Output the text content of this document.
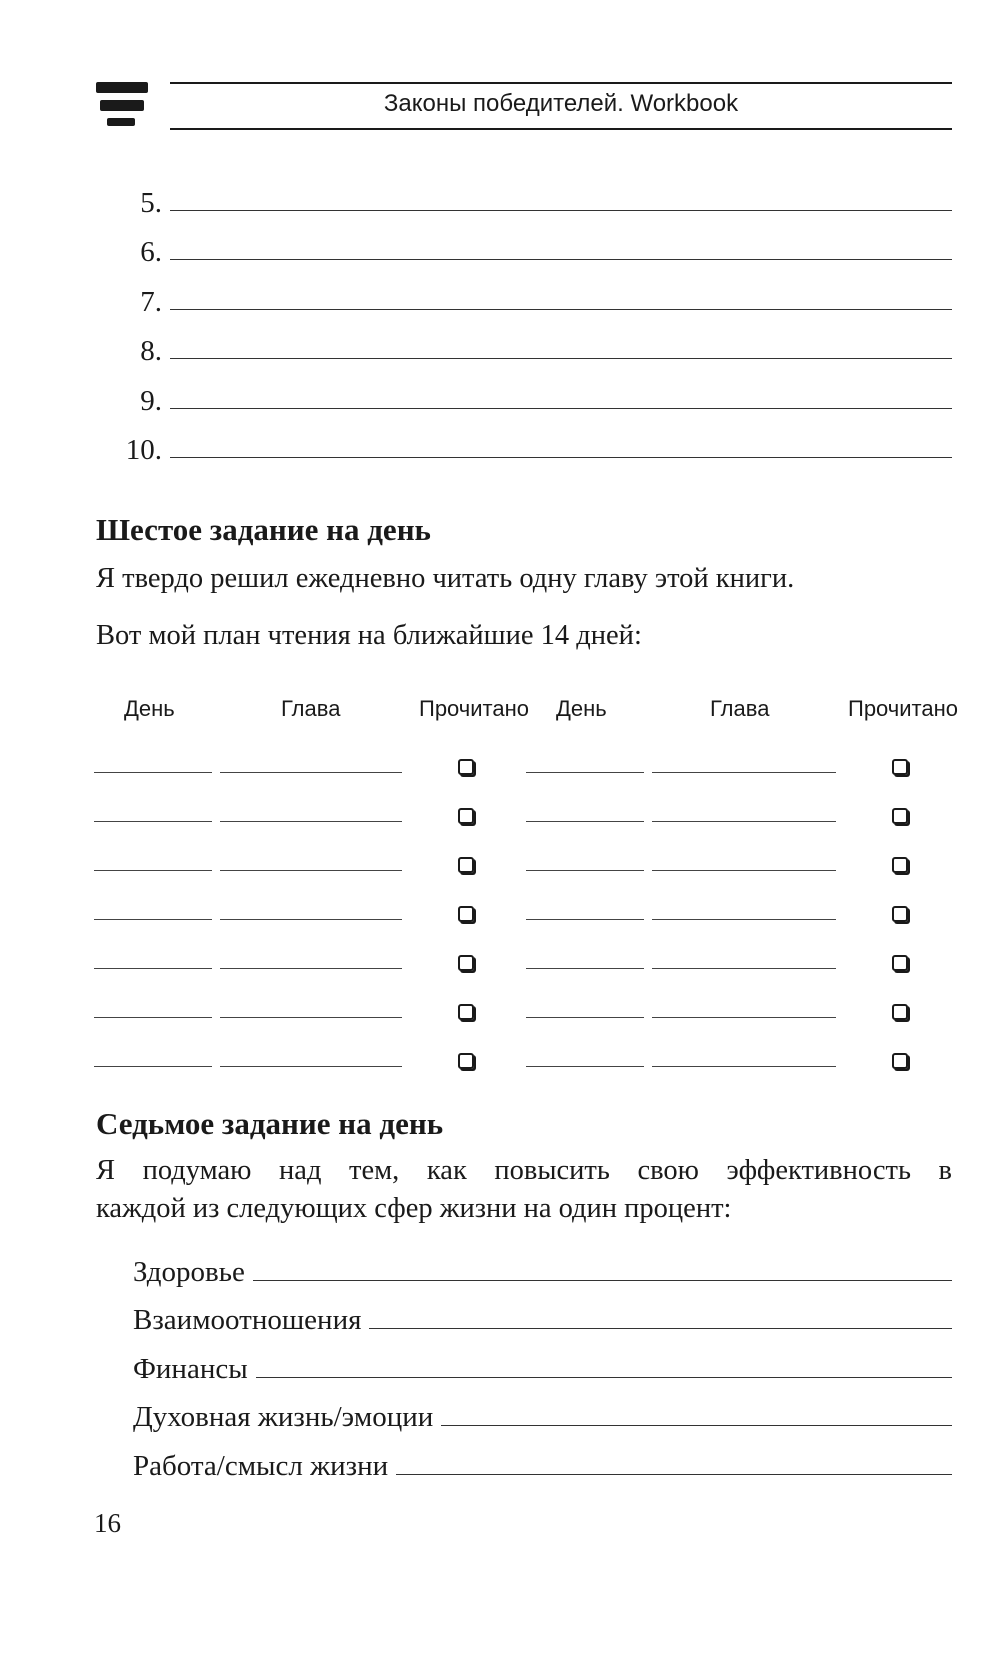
Законы победителей. Workbook
5.
6.
7.
8.
9.
10.
Шестое задание на день
Я твердо решил ежедневно читать одну главу этой книги.
Вот мой план чтения на ближайшие 14 дней:
День	Глава	Прочитано День	Глава	Прочитано
Седьмое задание на день
Я подумаю над тем, как повысить свою эффективность в
каждой из следующих сфер жизни на один процент:
Здоровье
Взаимоотношения
Финансы
Духовная жизнь/эмоции
Работа/смысл жизни
16
